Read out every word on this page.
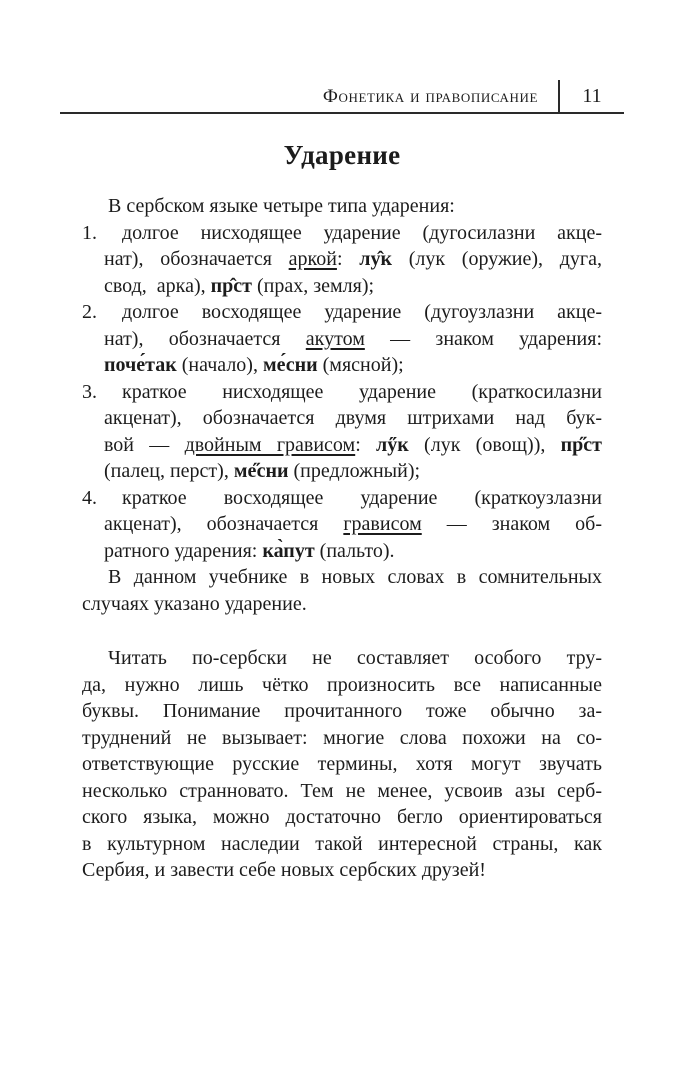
Фонетика и правописание	11
Ударение
В сербском языке четыре типа ударения:
1. долгое нисходящее ударение (дугосилазни акце-
нат), обозначается аркой: лу̂к (лук (оружие), дуга,
свод,  арка), пр̂ст (прах, земля);
2. долгое восходящее ударение (дугоузлазни акце-
нат), обозначается акутом — знаком ударения:
поче́так (начало), ме́сни (мясной);
3. краткое нисходящее ударение (краткосилазни
акценат), обозначается двумя штрихами над бук-
вой — двойным грависом: лӳк (лук (овощ)), пр̋ст
(палец, перст), ме̋сни (предложный);
4. краткое восходящее ударение (краткоузлазни
акценат), обозначается грависом — знаком об-
ратного ударения: ка̀пут (пальто).
В данном учебнике в новых словах в сомнительных
случаях указано ударение.
Читать по-сербски не составляет особого тру-
да, нужно лишь чётко произносить все написанные
буквы. Понимание прочитанного тоже обычно за-
труднений не вызывает: многие слова похожи на со-
ответствующие русские термины, хотя могут звучать
несколько странновато. Тем не менее, усвоив азы серб-
ского языка, можно достаточно бегло ориентироваться
в культурном наследии такой интересной страны, как
Сербия, и завести себе новых сербских друзей!
